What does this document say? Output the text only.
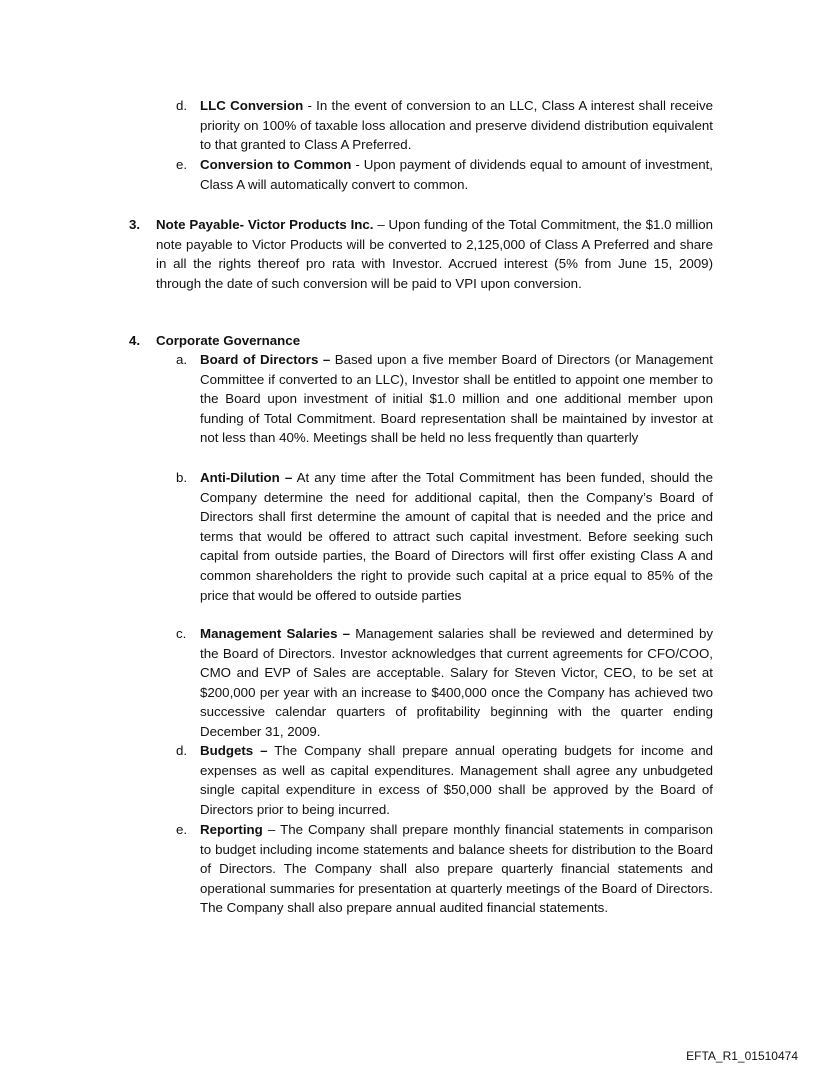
d. LLC Conversion - In the event of conversion to an LLC, Class A interest shall receive priority on 100% of taxable loss allocation and preserve dividend distribution equivalent to that granted to Class A Preferred.

e. Conversion to Common - Upon payment of dividends equal to amount of investment, Class A will automatically convert to common.

3. Note Payable- Victor Products Inc. – Upon funding of the Total Commitment, the $1.0 million note payable to Victor Products will be converted to 2,125,000 of Class A Preferred and share in all the rights thereof pro rata with Investor. Accrued interest (5% from June 15, 2009) through the date of such conversion will be paid to VPI upon conversion.

4. Corporate Governance
a. Board of Directors – Based upon a five member Board of Directors (or Management Committee if converted to an LLC), Investor shall be entitled to appoint one member to the Board upon investment of initial $1.0 million and one additional member upon funding of Total Commitment. Board representation shall be maintained by investor at not less than 40%. Meetings shall be held no less frequently than quarterly

b. Anti-Dilution – At any time after the Total Commitment has been funded, should the Company determine the need for additional capital, then the Company’s Board of Directors shall first determine the amount of capital that is needed and the price and terms that would be offered to attract such capital investment. Before seeking such capital from outside parties, the Board of Directors will first offer existing Class A and common shareholders the right to provide such capital at a price equal to 85% of the price that would be offered to outside parties

c. Management Salaries – Management salaries shall be reviewed and determined by the Board of Directors. Investor acknowledges that current agreements for CFO/COO, CMO and EVP of Sales are acceptable. Salary for Steven Victor, CEO, to be set at $200,000 per year with an increase to $400,000 once the Company has achieved two successive calendar quarters of profitability beginning with the quarter ending December 31, 2009.

d. Budgets – The Company shall prepare annual operating budgets for income and expenses as well as capital expenditures. Management shall agree any unbudgeted single capital expenditure in excess of $50,000 shall be approved by the Board of Directors prior to being incurred.

e. Reporting – The Company shall prepare monthly financial statements in comparison to budget including income statements and balance sheets for distribution to the Board of Directors. The Company shall also prepare quarterly financial statements and operational summaries for presentation at quarterly meetings of the Board of Directors. The Company shall also prepare annual audited financial statements.

EFTA_R1_01510474
